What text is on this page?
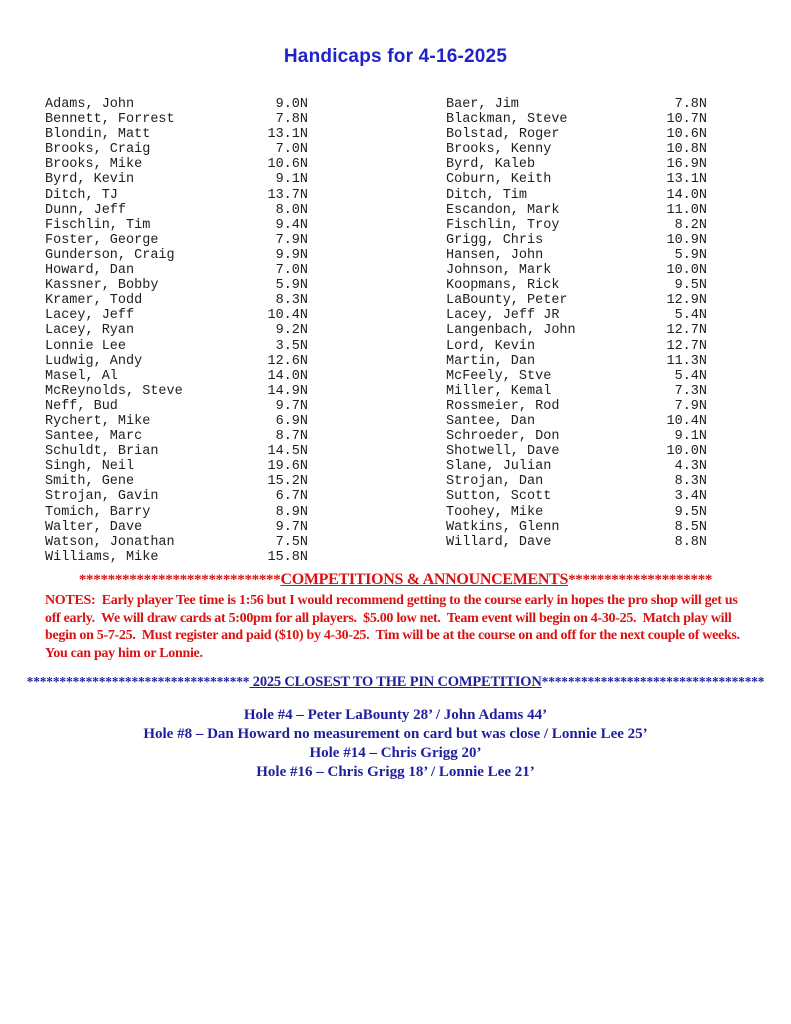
Handicaps for 4-16-2025
Adams, John	9.0N
Bennett, Forrest	7.8N
Blondin, Matt	13.1N
Brooks, Craig	7.0N
Brooks, Mike	10.6N
Byrd, Kevin	9.1N
Ditch, TJ	13.7N
Dunn, Jeff	8.0N
Fischlin, Tim	9.4N
Foster, George	7.9N
Gunderson, Craig	9.9N
Howard, Dan	7.0N
Kassner, Bobby	5.9N
Kramer, Todd	8.3N
Lacey, Jeff	10.4N
Lacey, Ryan	9.2N
Lonnie Lee	3.5N
Ludwig, Andy	12.6N
Masel, Al	14.0N
McReynolds, Steve	14.9N
Neff, Bud	9.7N
Rychert, Mike	6.9N
Santee, Marc	8.7N
Schuldt, Brian	14.5N
Singh, Neil	19.6N
Smith, Gene	15.2N
Strojan, Gavin	6.7N
Tomich, Barry	8.9N
Walter, Dave	9.7N
Watson, Jonathan	7.5N
Williams, Mike	15.8N
Baer, Jim	7.8N
Blackman, Steve	10.7N
Bolstad, Roger	10.6N
Brooks, Kenny	10.8N
Byrd, Kaleb	16.9N
Coburn, Keith	13.1N
Ditch, Tim	14.0N
Escandon, Mark	11.0N
Fischlin, Troy	8.2N
Grigg, Chris	10.9N
Hansen, John	5.9N
Johnson, Mark	10.0N
Koopmans, Rick	9.5N
LaBounty, Peter	12.9N
Lacey, Jeff JR	5.4N
Langenbach, John	12.7N
Lord, Kevin	12.7N
Martin, Dan	11.3N
McFeely, Stve	5.4N
Miller, Kemal	7.3N
Rossmeier, Rod	7.9N
Santee, Dan	10.4N
Schroeder, Don	9.1N
Shotwell, Dave	10.0N
Slane, Julian	4.3N
Strojan, Dan	8.3N
Sutton, Scott	3.4N
Toohey, Mike	9.5N
Watkins, Glenn	8.5N
Willard, Dave	8.8N
****************************COMPETITIONS & ANNOUNCEMENTS********************
NOTES:  Early player Tee time is 1:56 but I would recommend getting to the course early in hopes the pro shop will get us off early.  We will draw cards at 5:00pm for all players.  $5.00 low net.  Team event will begin on 4-30-25.  Match play will begin on 5-7-25.  Must register and paid ($10) by 4-30-25.  Tim will be at the course on and off for the next couple of weeks.  You can pay him or Lonnie.
********************************** 2025 CLOSEST TO THE PIN COMPETITION**********************************
Hole #4 – Peter LaBounty 28’ / John Adams 44’
Hole #8 – Dan Howard no measurement on card but was close / Lonnie Lee 25’
Hole #14 – Chris Grigg 20’
Hole #16 – Chris Grigg 18’ / Lonnie Lee 21’
